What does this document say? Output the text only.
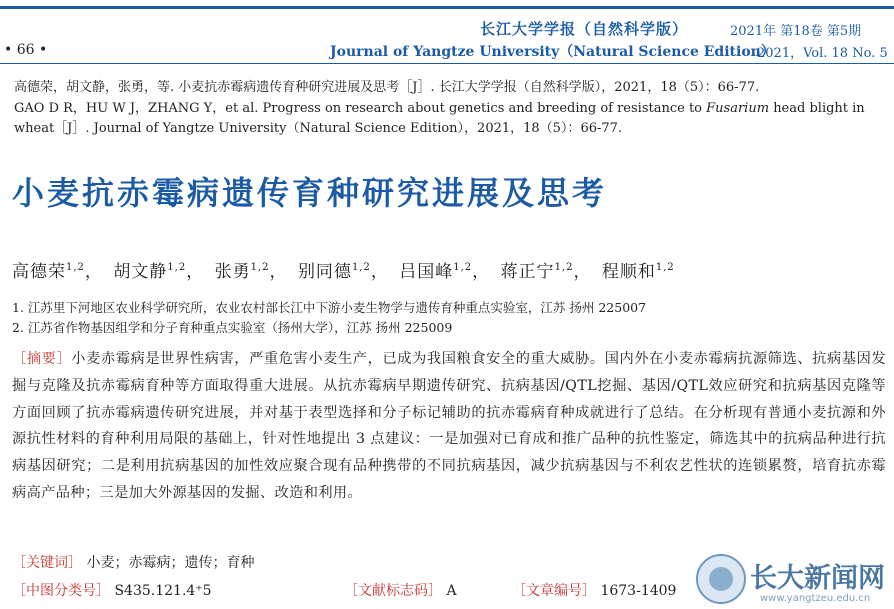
长江大学学报（自然科学版）	2021年 第18卷 第5期
• 66 •	Journal of Yangtze University（Natural Science Edition）
2021，Vol. 18 No. 5
高德荣，胡文静，张勇，等. 小麦抗赤霉病遗传育种研究进展及思考［J］. 长江大学学报（自然科学版），2021，18（5）：66-77.
GAO D R，HU W J，ZHANG Y，et al. Progress on research about genetics and breeding of resistance to Fusarium head blight in
wheat［J］. Journal of Yangtze University（Natural Science Edition），2021，18（5）：66-77.
小麦抗赤霉病遗传育种研究进展及思考
高德荣$^{1,2}$， 胡文静$^{1,2}$， 张勇$^{1,2}$， 别同德$^{1,2}$， 吕国峰$^{1,2}$， 蒋正宁$^{1,2}$， 程顺和$^{1,2}$
1. 江苏里下河地区农业科学研究所，农业农村部长江中下游小麦生物学与遗传育种重点实验室，江苏 扬州 225007
2. 江苏省作物基因组学和分子育种重点实验室（扬州大学），江苏 扬州 225009
［摘要］小麦赤霉病是世界性病害，严重危害小麦生产，已成为我国粮食安全的重大威胁。国内外在小麦赤霉病抗源筛选、抗病基因发掘与克隆及抗赤霉病育种等方面取得重大进展。从抗赤霉病早期遗传研究、抗病基因/QTL挖掘、基因/QTL效应研究和抗病基因克隆等方面回顾了抗赤霉病遗传研究进展，并对基于表型选择和分子标记辅助的抗赤霉病育种成就进行了总结。在分析现有普通小麦抗源和外源抗性材料的育种利用局限的基础上，针对性地提出 3 点建议：一是加强对已育成和推广品种的抗性鉴定，筛选其中的抗病品种进行抗病基因研究；二是利用抗病基因的加性效应聚合现有品种携带的不同抗病基因，减少抗病基因与不利农艺性状的连锁累赘，培育抗赤霉病高产品种；三是加大外源基因的发掘、改造和利用。
［关键词］ 小麦；赤霉病；遗传；育种
［中图分类号］ S435.121.4⁺5	［文献标志码］ A	［文章编号］ 1673-1409	长大新闻网
www.yangtzeu.edu.cn
